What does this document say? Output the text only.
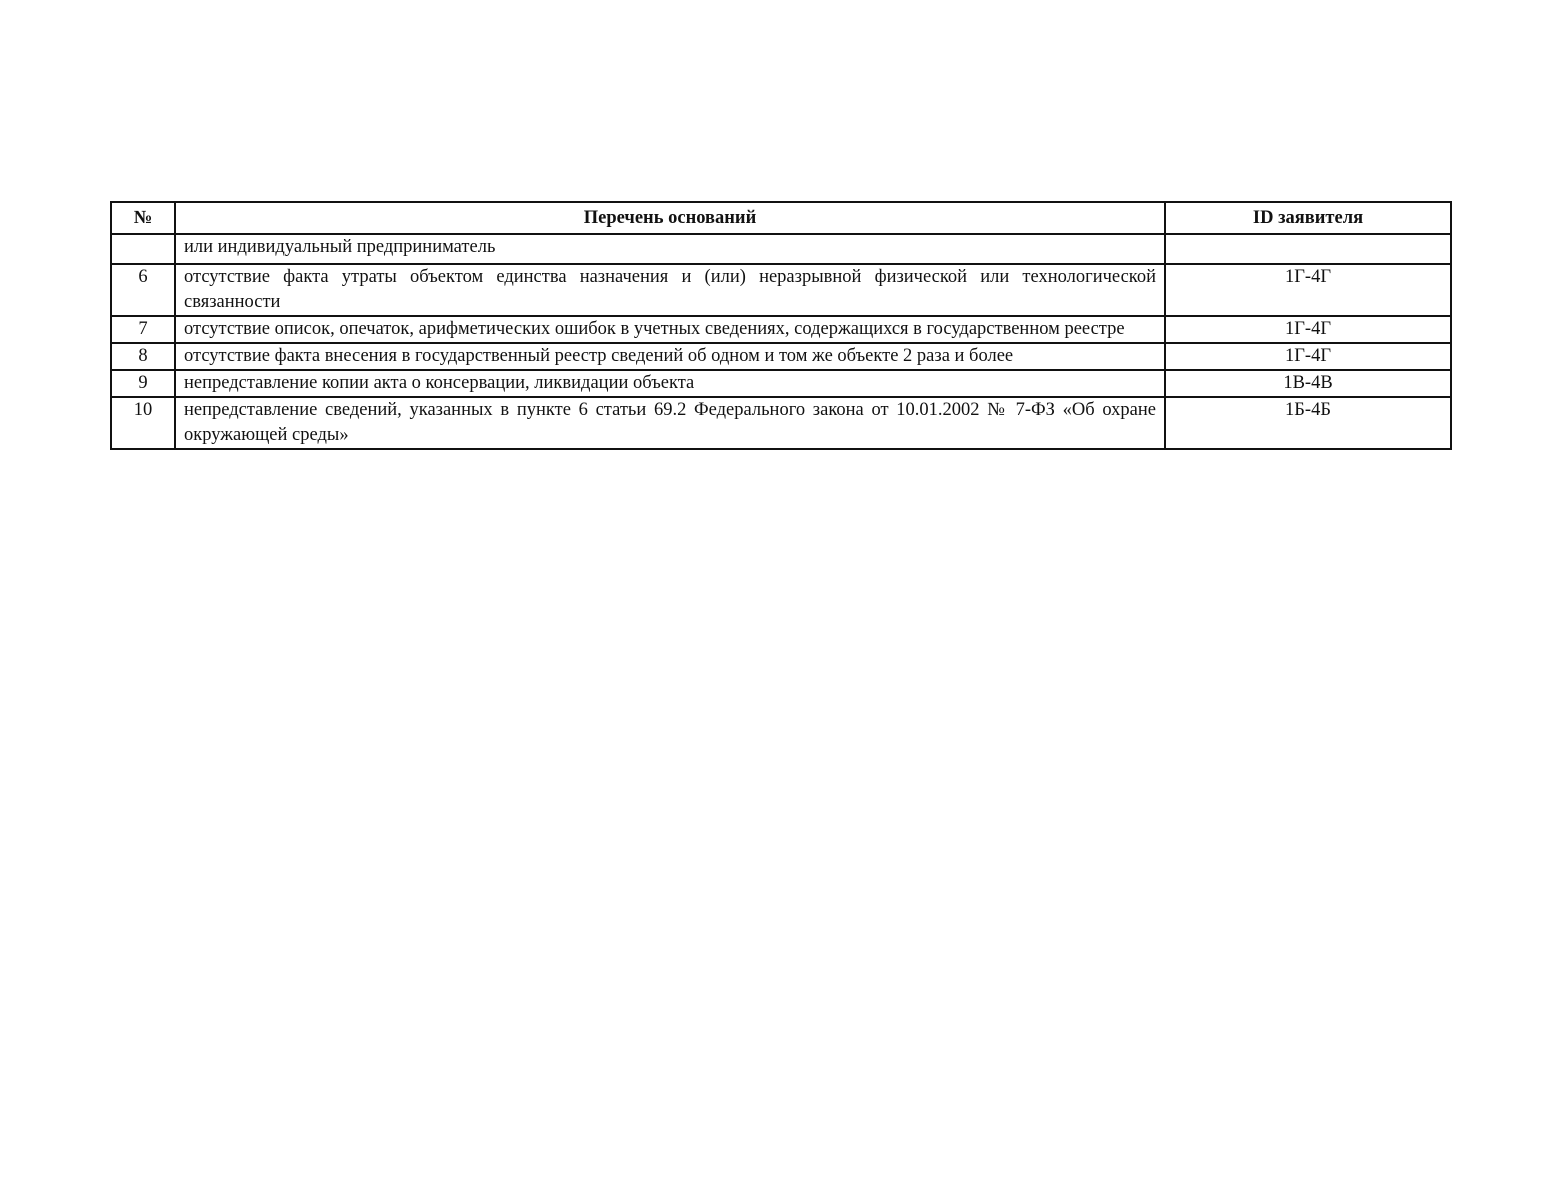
№	Перечень оснований	ID заявителя
	или индивидуальный предприниматель	
6	отсутствие факта утраты объектом единства назначения и (или) неразрывной физической или технологической связанности	1Г-4Г
7	отсутствие описок, опечаток, арифметических ошибок в учетных сведениях, содержащихся в государственном реестре	1Г-4Г
8	отсутствие факта внесения в государственный реестр сведений об одном и том же объекте 2 раза и более	1Г-4Г
9	непредставление копии акта о консервации, ликвидации объекта	1В-4В
10	непредставление сведений, указанных в пункте 6 статьи 69.2 Федерального закона от 10.01.2002 № 7-ФЗ «Об охране окружающей среды»	1Б-4Б
